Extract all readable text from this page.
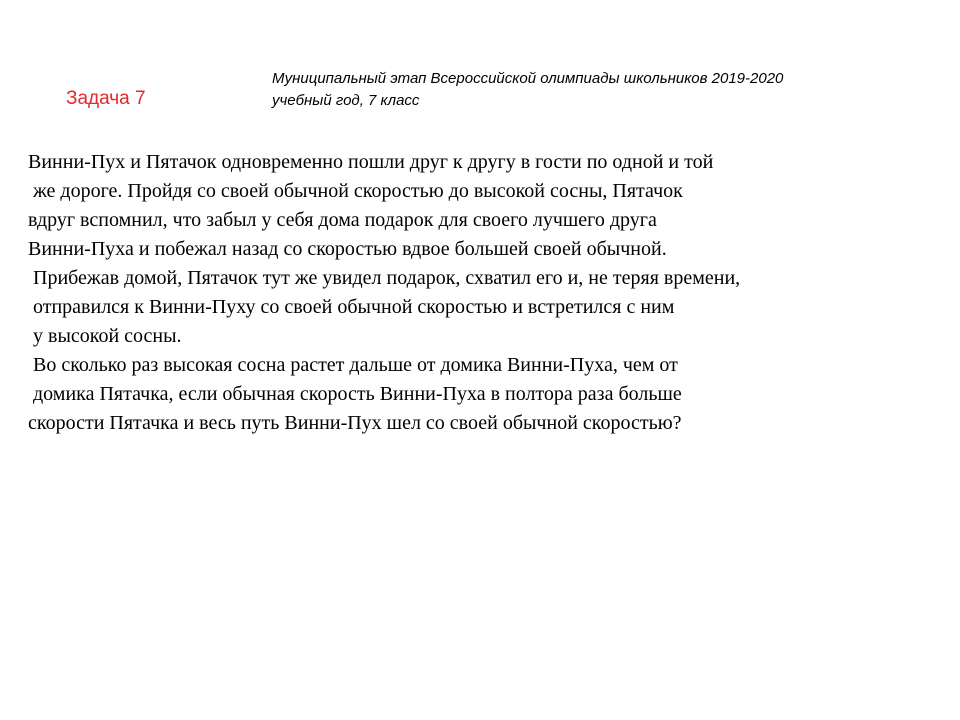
Задача 7
Муниципальный этап Всероссийской олимпиады школьников 2019-2020
учебный год, 7 класс
Винни-Пух и Пятачок одновременно пошли друг к другу в гости по одной и той
же дороге. Пройдя со своей обычной скоростью до высокой сосны, Пятачок
вдруг вспомнил, что забыл у себя дома подарок для своего лучшего друга
Винни-Пуха и побежал назад со скоростью вдвое большей своей обычной.
Прибежав домой, Пятачок тут же увидел подарок, схватил его и, не теряя времени,
отправился к Винни-Пуху со своей обычной скоростью и встретился с ним
у высокой сосны.
Во сколько раз высокая сосна растет дальше от домика Винни-Пуха, чем от
домика Пятачка, если обычная скорость Винни-Пуха в полтора раза больше
скорости Пятачка и весь путь Винни-Пух шел со своей обычной скоростью?
